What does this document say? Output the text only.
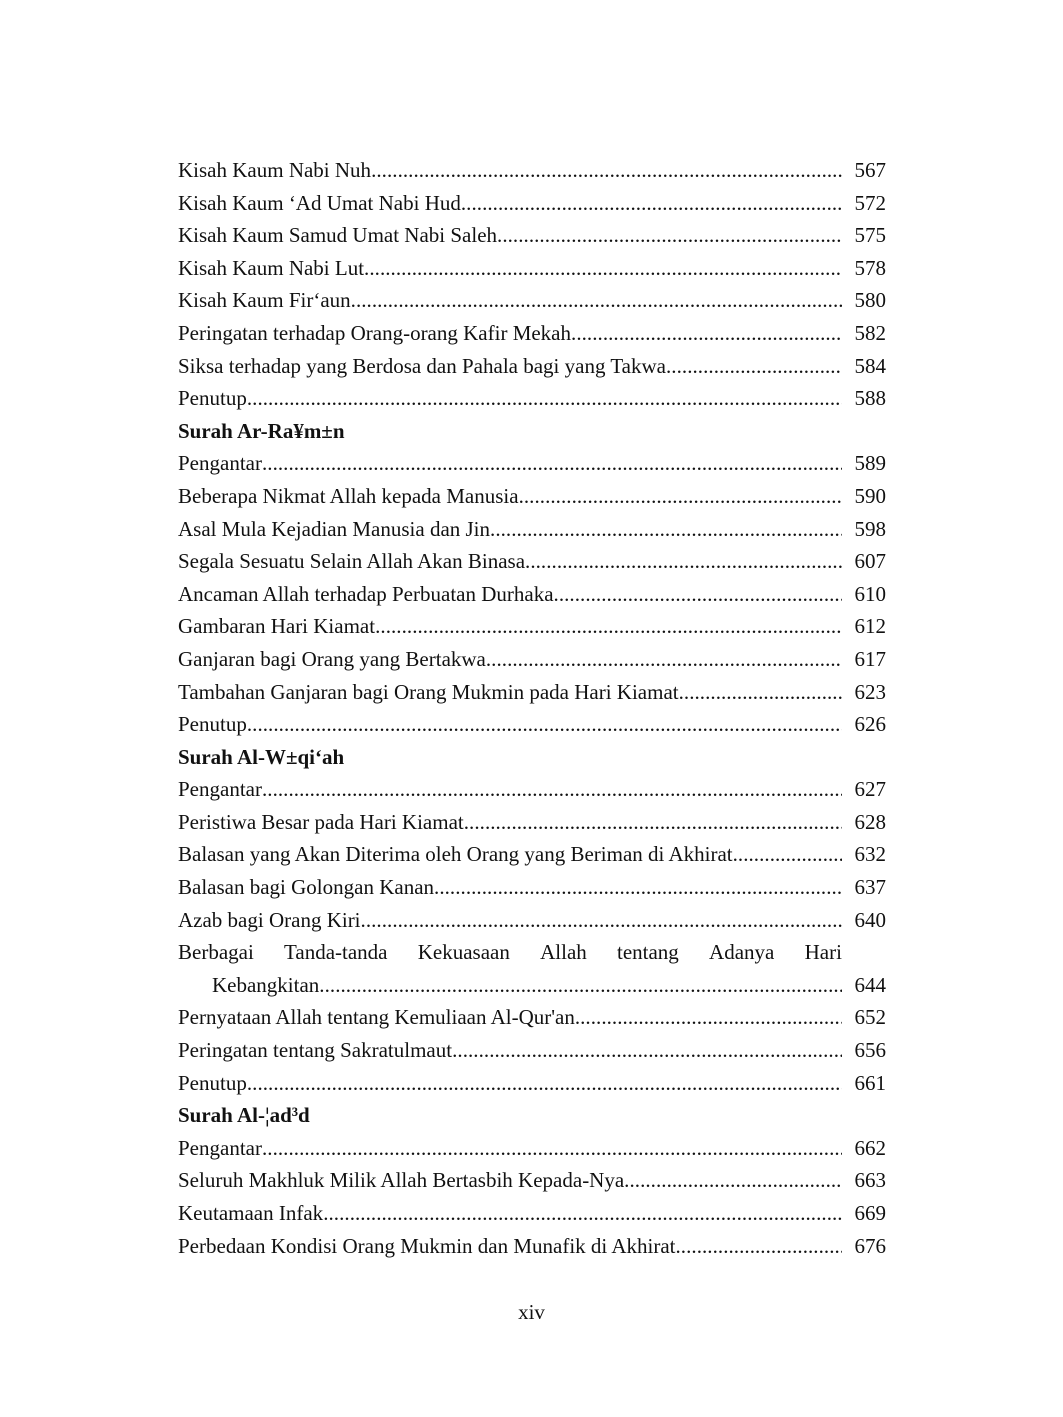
Kisah Kaum Nabi Nuh . . .	567
Kisah Kaum ‘Ad Umat Nabi Hud . . .	572
Kisah Kaum Samud Umat Nabi Saleh . . .	575
Kisah Kaum Nabi Lut . . .	578
Kisah Kaum Fir‘aun . . .	580
Peringatan terhadap Orang-orang Kafir Mekah . . .	582
Siksa terhadap yang Berdosa dan Pahala bagi yang Takwa . . .	584
Penutup . . .	588
Surah Ar-Ra¥m±n
Pengantar . . .	589
Beberapa Nikmat Allah kepada Manusia . . .	590
Asal Mula Kejadian Manusia dan Jin . . .	598
Segala Sesuatu Selain Allah Akan Binasa . . .	607
Ancaman Allah terhadap Perbuatan Durhaka . . .	610
Gambaran Hari Kiamat . . .	612
Ganjaran bagi Orang yang Bertakwa . . .	617
Tambahan Ganjaran bagi Orang Mukmin pada Hari Kiamat . . .	623
Penutup . . .	626
Surah Al-W±qi‘ah
Pengantar . . .	627
Peristiwa Besar pada Hari Kiamat . . .	628
Balasan yang Akan Diterima oleh Orang yang Beriman di Akhirat . . .	632
Balasan bagi Golongan Kanan . . .	637
Azab bagi Orang Kiri . . .	640
Berbagai Tanda-tanda Kekuasaan Allah tentang Adanya Hari
Kebangkitan . . .	644
Pernyataan Allah tentang Kemuliaan Al-Qur'an . . .	652
Peringatan tentang Sakratulmaut . . .	656
Penutup . . .	661
Surah Al-¦ad³d
Pengantar . . .	662
Seluruh Makhluk Milik Allah Bertasbih Kepada-Nya . . .	663
Keutamaan Infak . . .	669
Perbedaan Kondisi Orang Mukmin dan Munafik di Akhirat . . .	676
xiv
